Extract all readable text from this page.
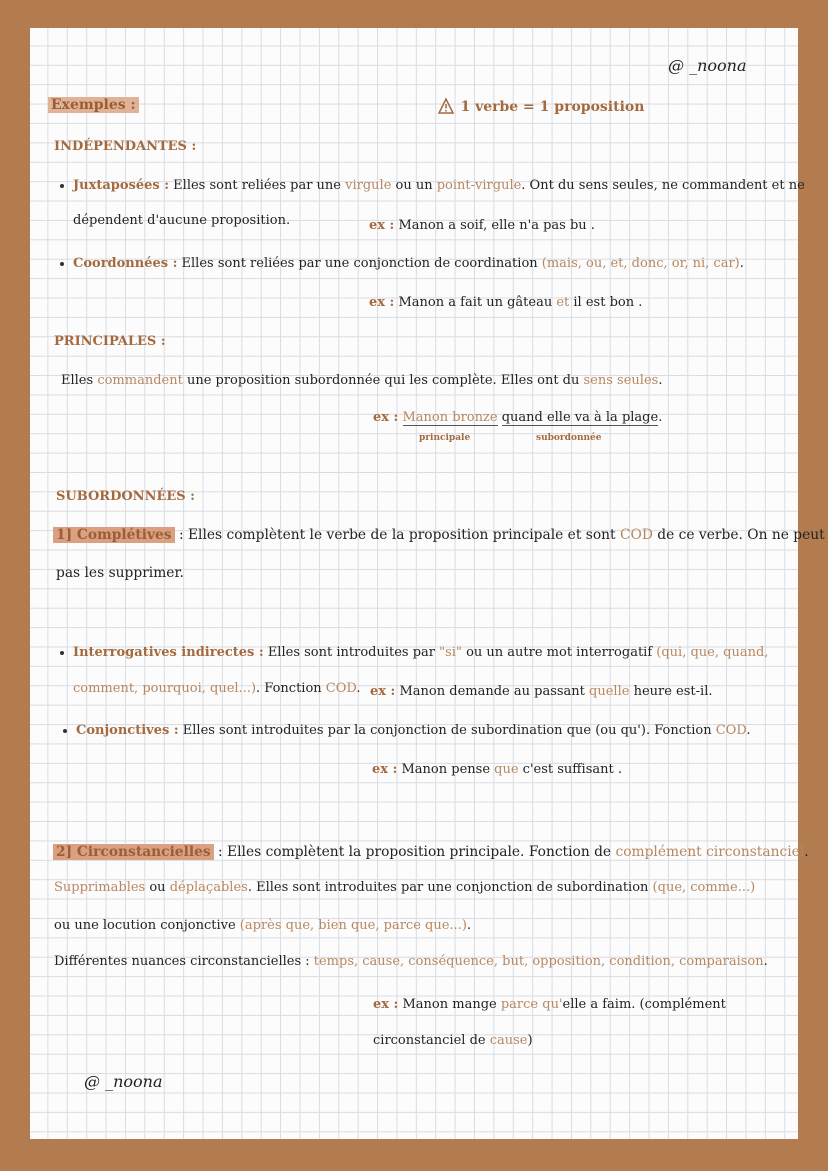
@ _noona
Exemples :	1 verbe = 1 proposition
INDÉPENDANTES :
Juxtaposées : Elles sont reliées par une virgule ou un point-virgule. Ont du sens seules, ne commandent et ne
dépendent d'aucune proposition.	ex : Manon a soif, elle n'a pas bu .
Coordonnées : Elles sont reliées par une conjonction de coordination (mais, ou, et, donc, or, ni, car).
ex : Manon a fait un gâteau et il est bon .
PRINCIPALES :
Elles commandent une proposition subordonnée qui les complète. Elles ont du sens seules.
ex : Manon bronze quand elle va à la plage.
principale	subordonnée
SUBORDONNÉES :
1] Complétives : Elles complètent le verbe de la proposition principale et sont COD de ce verbe. On ne peut
pas les supprimer.
Interrogatives indirectes : Elles sont introduites par "si" ou un autre mot interrogatif (qui, que, quand,
comment, pourquoi, quel...). Fonction COD. ex : Manon demande au passant quelle heure est-il.
Conjonctives : Elles sont introduites par la conjonction de subordination que (ou qu'). Fonction COD.
ex : Manon pense que c'est suffisant .
2] Circonstancielles : Elles complètent la proposition principale. Fonction de complément circonstanciel.
Supprimables ou déplaçables. Elles sont introduites par une conjonction de subordination (que, comme...)
ou une locution conjonctive (après que, bien que, parce que...).
Différentes nuances circonstancielles : temps, cause, conséquence, but, opposition, condition, comparaison.
ex : Manon mange parce qu'elle a faim. (complément
circonstanciel de cause)
@ _noona
